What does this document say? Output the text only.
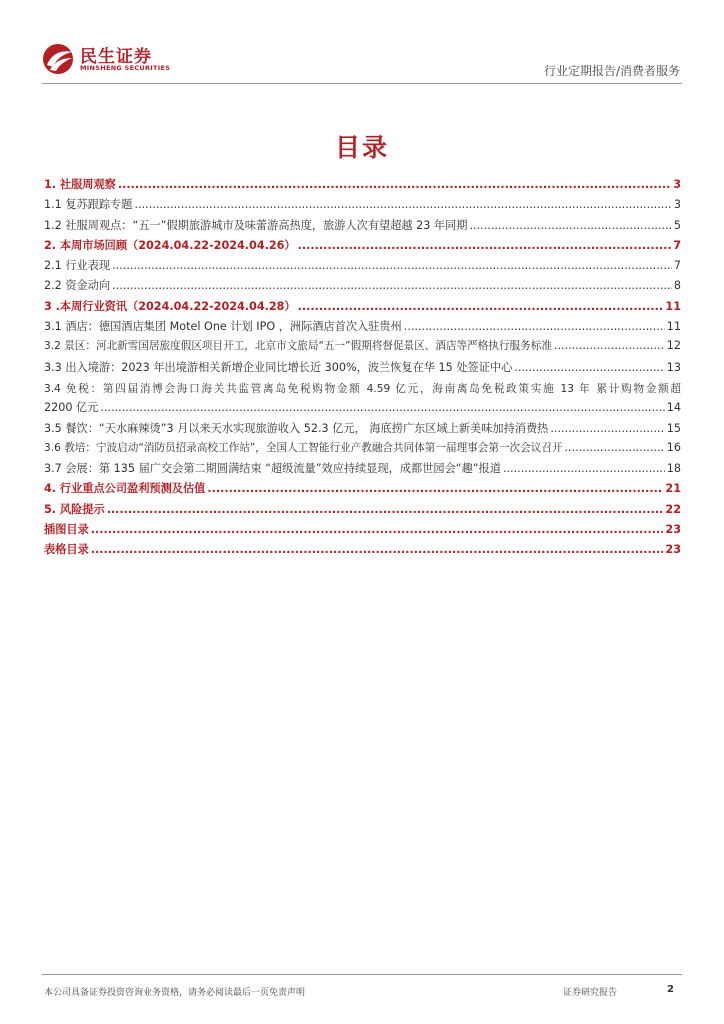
民生证券
MINSHENG SECURITIES	行业定期报告/消费者服务
目录
1. 社服周观察 .....	3
1.1 复苏跟踪专题 .....	3
1.2 社服周观点：“五一”假期旅游城市及味蕾游高热度，旅游人次有望超越 23 年同期 .....	5
2. 本周市场回顾（2024.04.22-2024.04.26） .....	7
2.1 行业表现 .....	7
2.2 资金动向 .....	8
3 .本周行业资讯（2024.04.22-2024.04.28） .....	11
3.1 酒店：德国酒店集团 Motel One 计划 IPO ，洲际酒店首次入驻贵州 .....	11
3.2 景区：河北新雪国居旅度假区项目开工，北京市文旅局“五一”假期将督促景区、酒店等严格执行服务标准 .....	12
3.3 出入境游：2023 年出境游相关新增企业同比增长近 300%，波兰恢复在华 15 处签证中心 .....	13
3.4 免税：第四届消博会海口海关共监管离岛免税购物金额 4.59 亿元，海南离岛免税政策实施 13 年 累计购物金额超
2200 亿元 .....	14
3.5 餐饮：“天水麻辣烫”3 月以来天水实现旅游收入 52.3 亿元， 海底捞广东区域上新美味加持消费热 .....	15
3.6 教培：宁波启动“消防员招录高校工作站”，全国人工智能行业产教融合共同体第一届理事会第一次会议召开 .....	16
3.7 会展：第 135 届广交会第二期圆满结束 “超级流量”效应持续显现，成都世园会“趣”报道 .....	18
4. 行业重点公司盈利预测及估值 .....	21
5. 风险提示 .....	22
插图目录 .....	23
表格目录 .....	23
本公司具备证券投资咨询业务资格，请务必阅读最后一页免责声明	证券研究报告	2
